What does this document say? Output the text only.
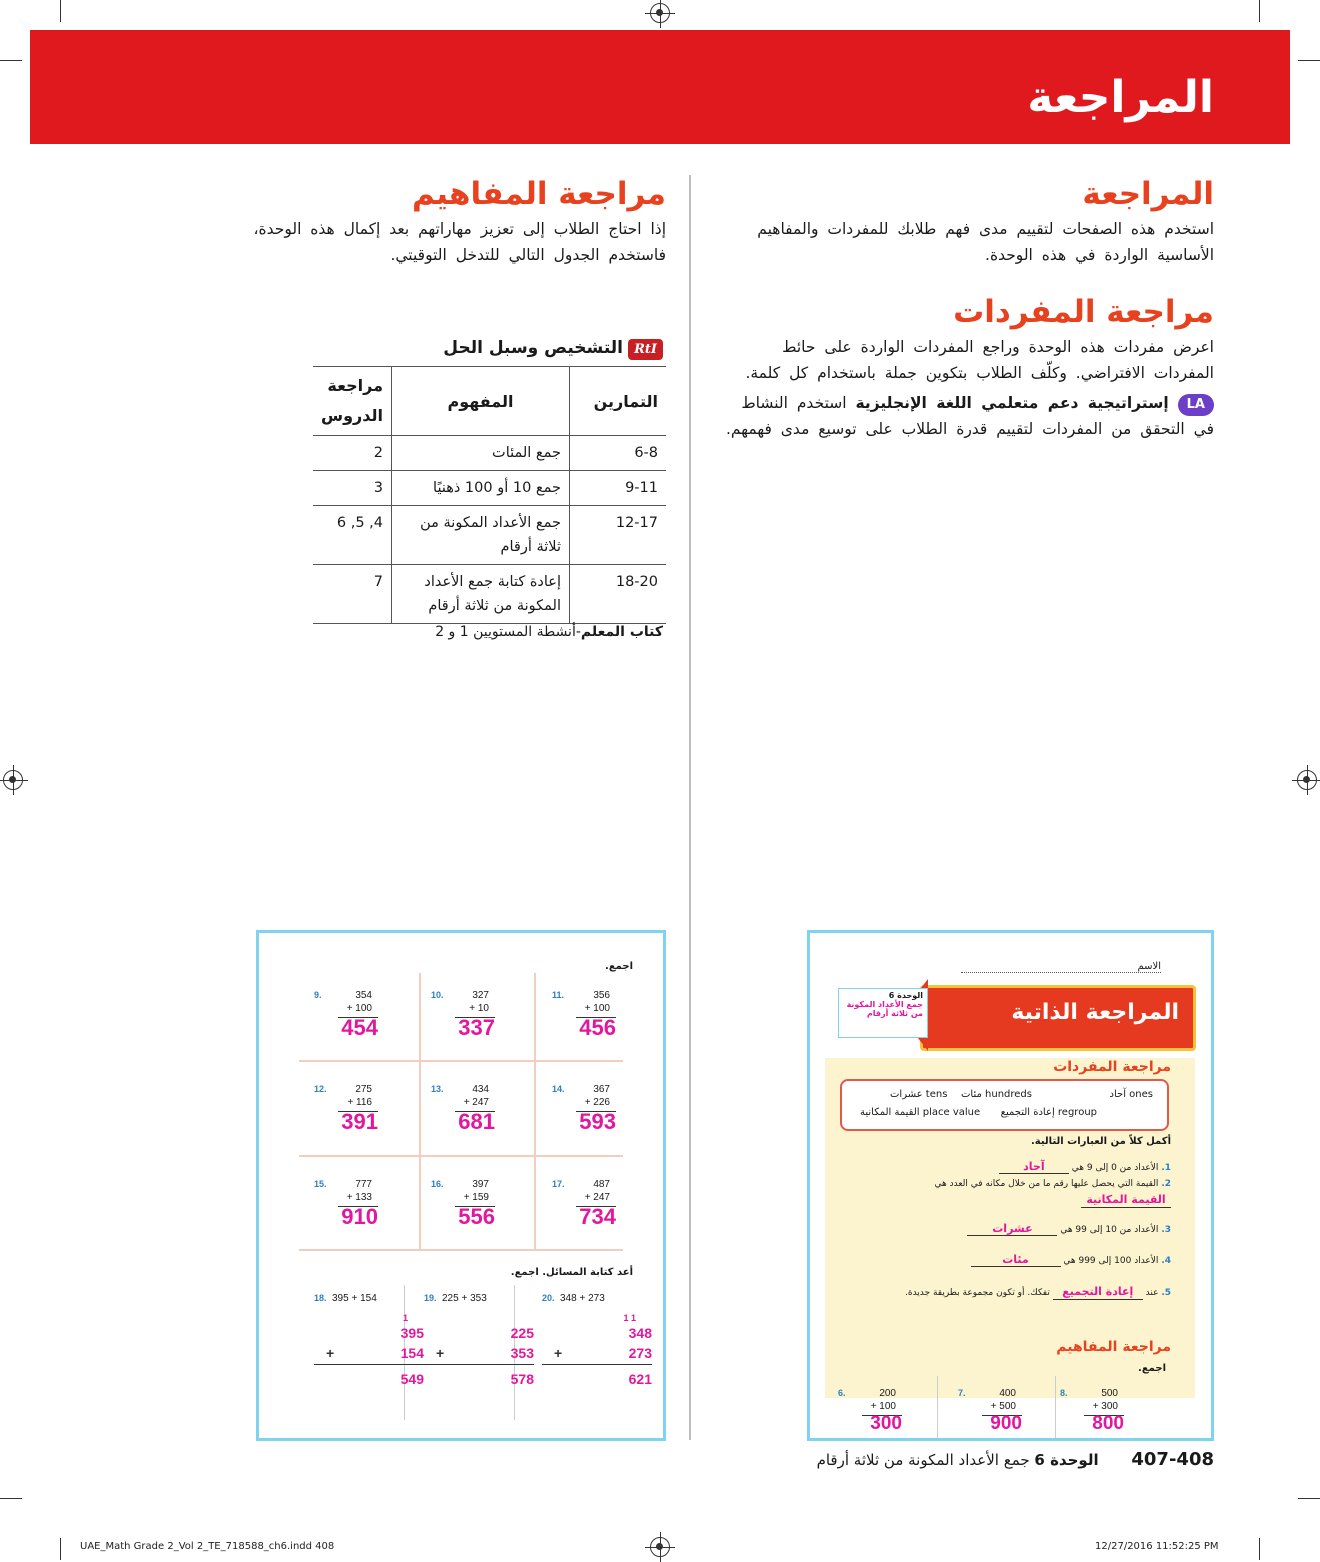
المراجعة
المراجعة

استخدم هذه الصفحات لتقييم مدى فهم طلابك للمفردات والمفاهيم الأساسية الواردة في هذه الوحدة.

مراجعة المفردات

اعرض مفردات هذه الوحدة وراجع المفردات الواردة على حائط المفردات الافتراضي. وكلّف الطلاب بتكوين جملة باستخدام كل كلمة.

LA إستراتيجية دعم متعلمي اللغة الإنجليزية استخدم النشاط في التحقق من المفردات لتقييم قدرة الطلاب على توسيع مدى فهمهم.

مراجعة المفاهيم

إذا احتاج الطلاب إلى تعزيز مهاراتهم بعد إكمال هذه الوحدة، فاستخدم الجدول التالي للتدخل التوقيتي.

RtI التشخيص وسبل الحل
التمارين	المفهوم	مراجعة الدروس
6-8	جمع المئات	2
9-11	جمع 10 أو 100 ذهنيًا	3
12-17	جمع الأعداد المكونة من ثلاثة أرقام	4, 5, 6
18-20	إعادة كتابة جمع الأعداد المكونة من ثلاثة أرقام	7
كتاب المعلم-أنشطة المستويين 1 و 2
اجمع.
9.	354
+ 100
454
10.	327
+ 10
337
11.	356
+ 100
456
12.	275
+ 116
391
13.	434
+ 247
681
14.	367
+ 226
593
15.	777
+ 133
910
16.	397
+ 159
556
17.	487
+ 247
734
أعد كتابة المسائل. اجمع.
18. 395 + 154
1
395
+	154
549
19. 225 + 353
225
+	353
578
20. 348 + 273
1 1
348
+	273
621
الاسم
المراجعة الذاتية
الوحدة 6
جمع الأعداد المكونة من ثلاثة أرقام
مراجعة المفردات
آحاد ones
مئات hundreds
عشرات tens
إعادة التجميع regroup
القيمة المكانية place value
أكمل كلاً من العبارات التالية.
1. الأعداد من 0 إلى 9 هي آحاد
2. القيمة التي يحصل عليها رقم ما من خلال مكانه في العدد هي القيمة المكانية
3. الأعداد من 10 إلى 99 هي عشرات
4. الأعداد 100 إلى 999 هي مئات
5. عند إعادة التجميع تفكك. أو تكون مجموعة بطريقة جديدة.
مراجعة المفاهيم
اجمع.
6.	200
+ 100
300
7.	400
+ 500
900
8.	500
+ 300
800
407-408 الوحدة 6 جمع الأعداد المكونة من ثلاثة أرقام
UAE_Math Grade 2_Vol 2_TE_718588_ch6.indd 408	12/27/2016 11:52:25 PM
